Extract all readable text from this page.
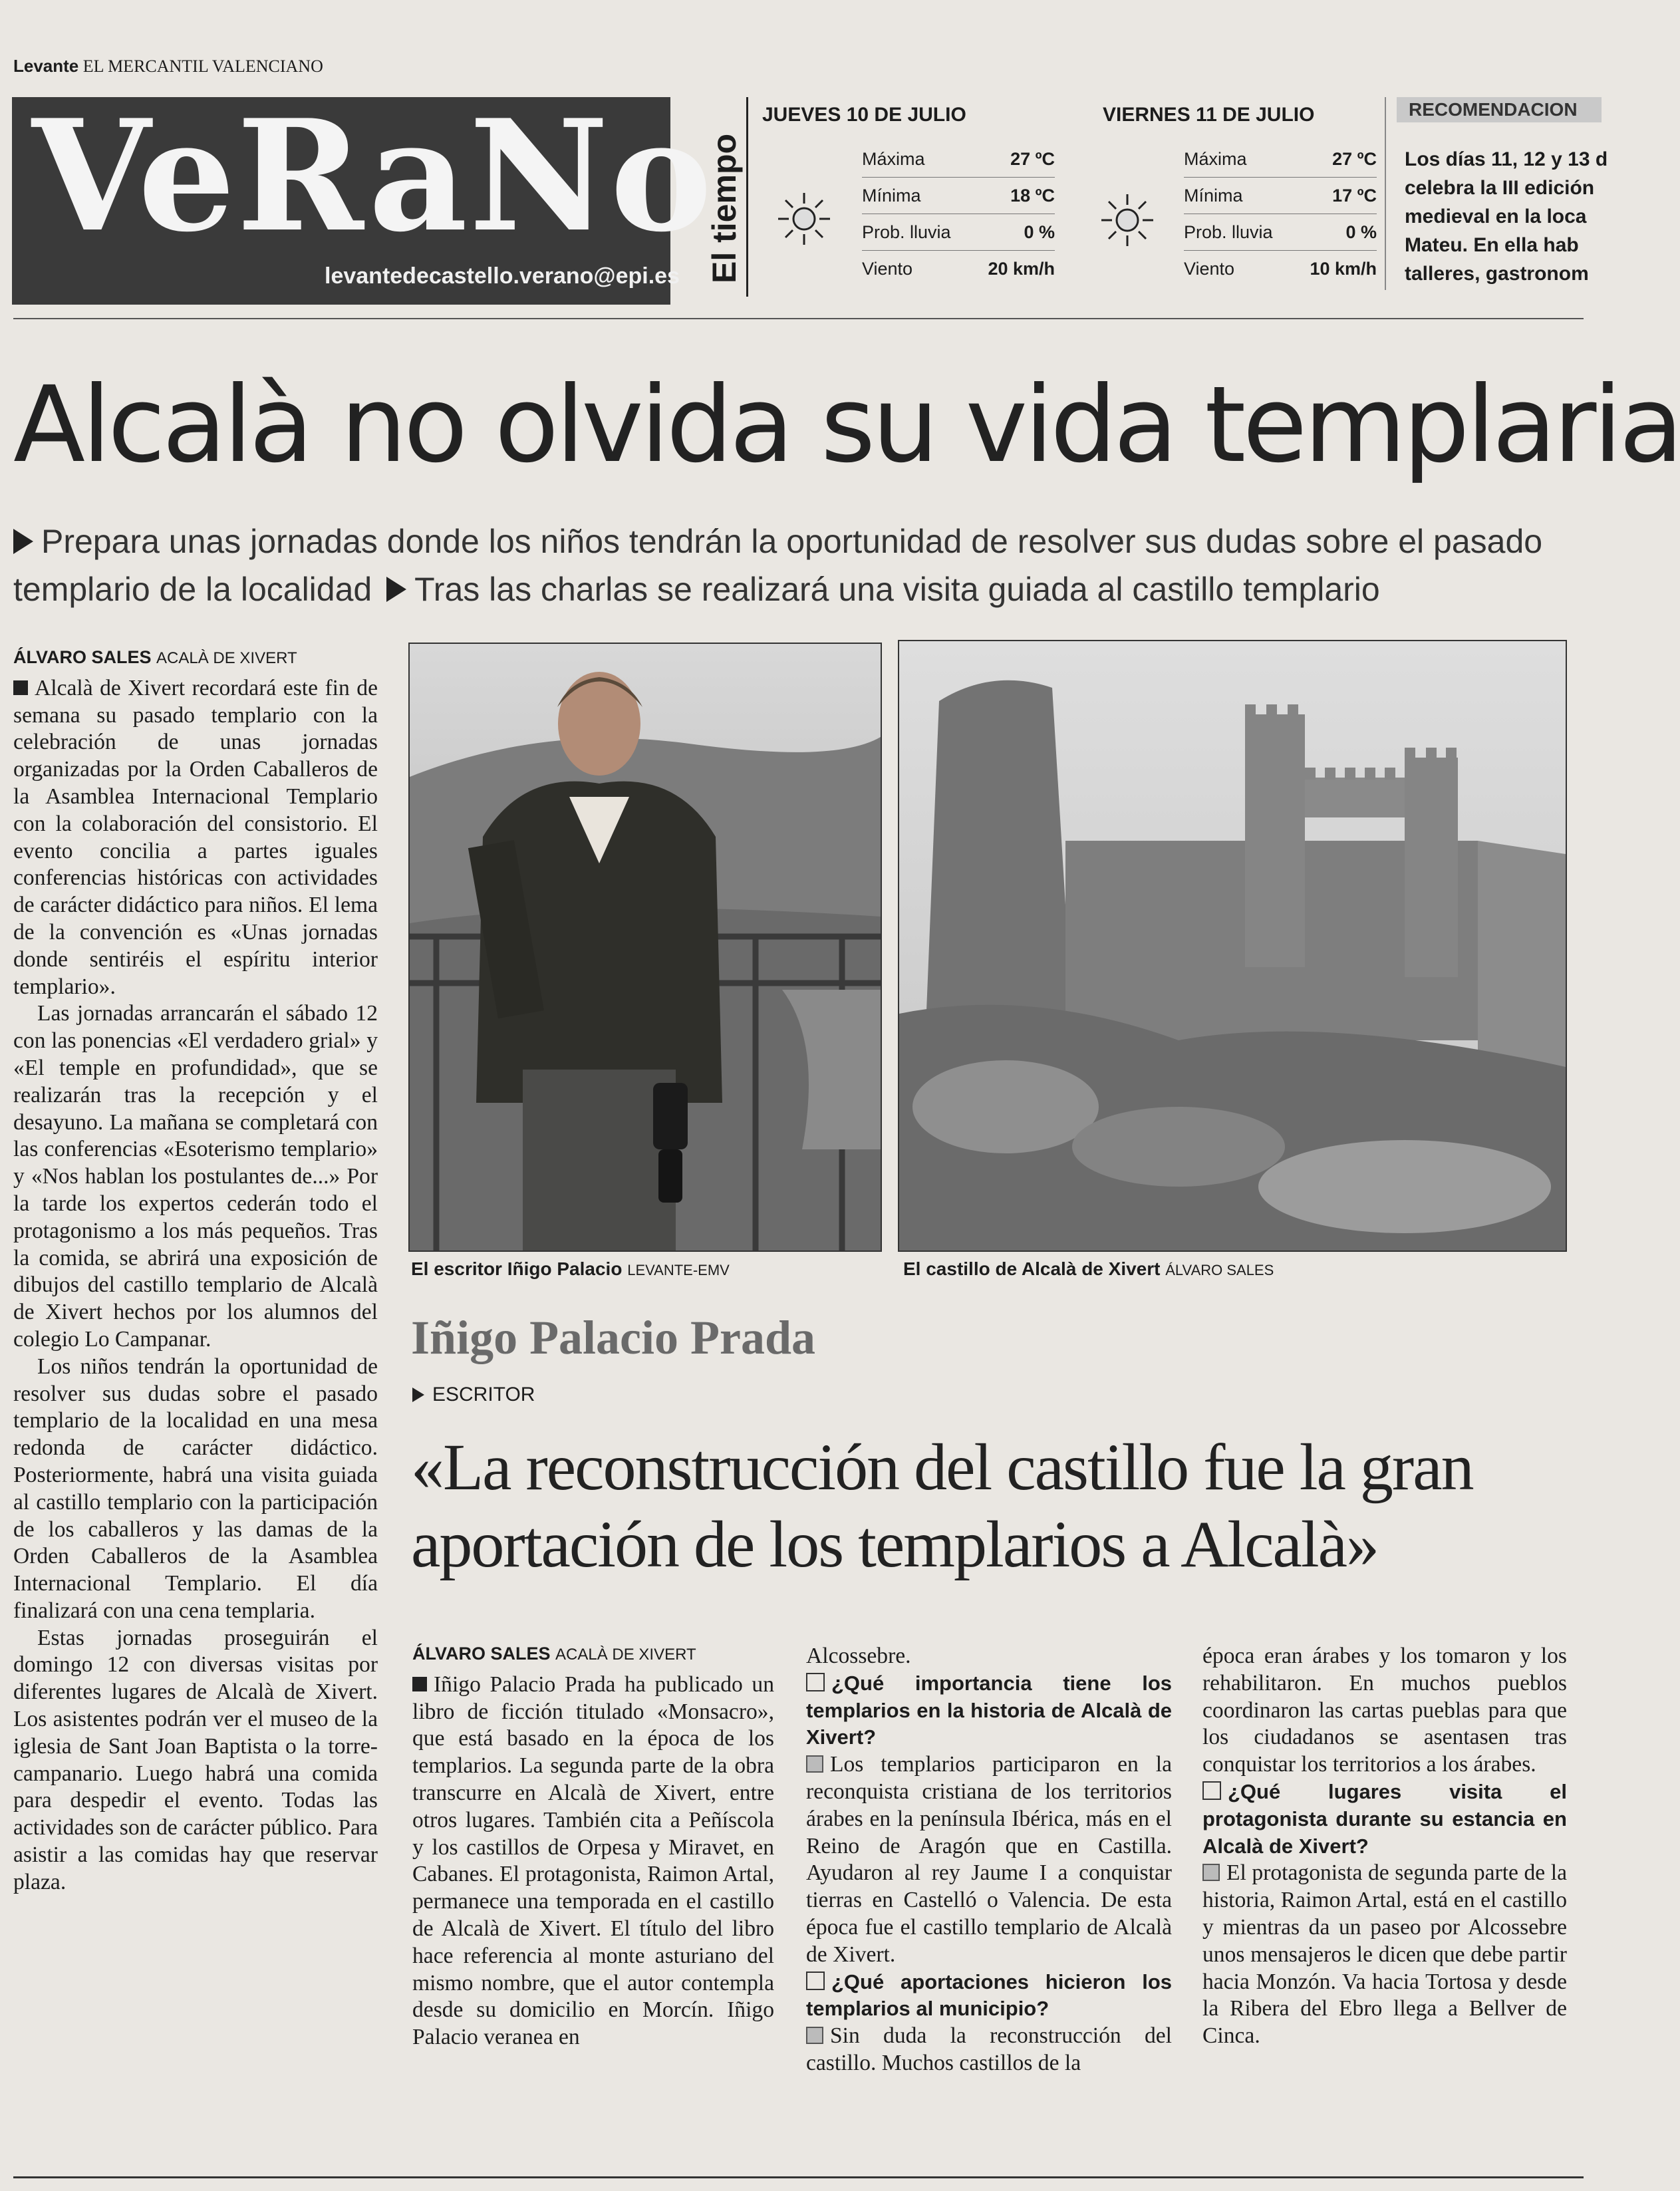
Levante EL MERCANTIL VALENCIANO
VeRaNo
levantedecastello.verano@epi.es El tiempo
JUEVES 10 DE JULIO
Máxima	27 ºC
Mínima	18 ºC
Prob. lluvia	0 %
Viento	20 km/h
VIERNES 11 DE JULIO
Máxima	27 ºC
Mínima	17 ºC
Prob. lluvia	0 %
Viento	10 km/h
RECOMENDACION
Los días 11, 12 y 13 d
celebra la III edición
medieval en la loca
Mateu. En ella hab
talleres, gastronom
Alcalà no olvida su vida templaria
Prepara unas jornadas donde los niños tendrán la oportunidad de resolver sus dudas sobre el pasado templario de la localidad Tras las charlas se realizará una visita guiada al castillo templario
ÁLVARO SALES ACALÀ DE XIVERT

Alcalà de Xivert recordará este fin de semana su pasado templario con la celebración de unas jornadas organizadas por la Orden Caballeros de la Asamblea Internacional Templario con la colaboración del consistorio. El evento concilia a partes iguales conferencias históricas con actividades de carácter didáctico para niños. El lema de la convención es «Unas jornadas donde sentiréis el espíritu interior templario».

Las jornadas arrancarán el sábado 12 con las ponencias «El verdadero grial» y «El temple en profundidad», que se realizarán tras la recepción y el desayuno. La mañana se completará con las conferencias «Esoterismo templario» y «Nos hablan los postulantes de...» Por la tarde los expertos cederán todo el protagonismo a los más pequeños. Tras la comida, se abrirá una exposición de dibujos del castillo templario de Alcalà de Xivert hechos por los alumnos del colegio Lo Campanar.

Los niños tendrán la oportunidad de resolver sus dudas sobre el pasado templario de la localidad en una mesa redonda de carácter didáctico. Posteriormente, habrá una visita guiada al castillo templario con la participación de los caballeros y las damas de la Orden Caballeros de la Asamblea Internacional Templario. El día finalizará con una cena templaria.

Estas jornadas proseguirán el domingo 12 con diversas visitas por diferentes lugares de Alcalà de Xivert. Los asistentes podrán ver el museo de la iglesia de Sant Joan Baptista o la torre-campanario. Luego habrá una comida para despedir el evento. Todas las actividades son de carácter público. Para asistir a las comidas hay que reservar plaza.

El escritor Iñigo Palacio LEVANTE-EMV	El castillo de Alcalà de Xivert ÁLVARO SALES
Iñigo Palacio Prada
ESCRITOR
«La reconstrucción del castillo fue la gran aportación de los templarios a Alcalà»
ÁLVARO SALES ACALÀ DE XIVERT

Iñigo Palacio Prada ha publicado un libro de ficción titulado «Monsacro», que está basado en la época de los templarios. La segunda parte de la obra transcurre en Alcalà de Xivert, entre otros lugares. También cita a Peñíscola y los castillos de Orpesa y Miravet, en Cabanes. El protagonista, Raimon Artal, permanece una temporada en el castillo de Alcalà de Xivert. El título del libro hace referencia al monte asturiano del mismo nombre, que el autor contempla desde su domicilio en Morcín. Iñigo Palacio veranea en

Alcossebre.

¿Qué importancia tiene los templarios en la historia de Alcalà de Xivert?

Los templarios participaron en la reconquista cristiana de los territorios árabes en la península Ibérica, más en el Reino de Aragón que en Castilla. Ayudaron al rey Jaume I a conquistar tierras en Castelló o Valencia. De esta época fue el castillo templario de Alcalà de Xivert.

¿Qué aportaciones hicieron los templarios al municipio?

Sin duda la reconstrucción del castillo. Muchos castillos de la

época eran árabes y los tomaron y los rehabilitaron. En muchos pueblos coordinaron las cartas pueblas para que los ciudadanos se asentasen tras conquistar los territorios a los árabes.

¿Qué lugares visita el protagonista durante su estancia en Alcalà de Xivert?

El protagonista de segunda parte de la historia, Raimon Artal, está en el castillo y mientras da un paseo por Alcossebre unos mensajeros le dicen que debe partir hacia Monzón. Va hacia Tortosa y desde la Ribera del Ebro llega a Bellver de Cinca.
